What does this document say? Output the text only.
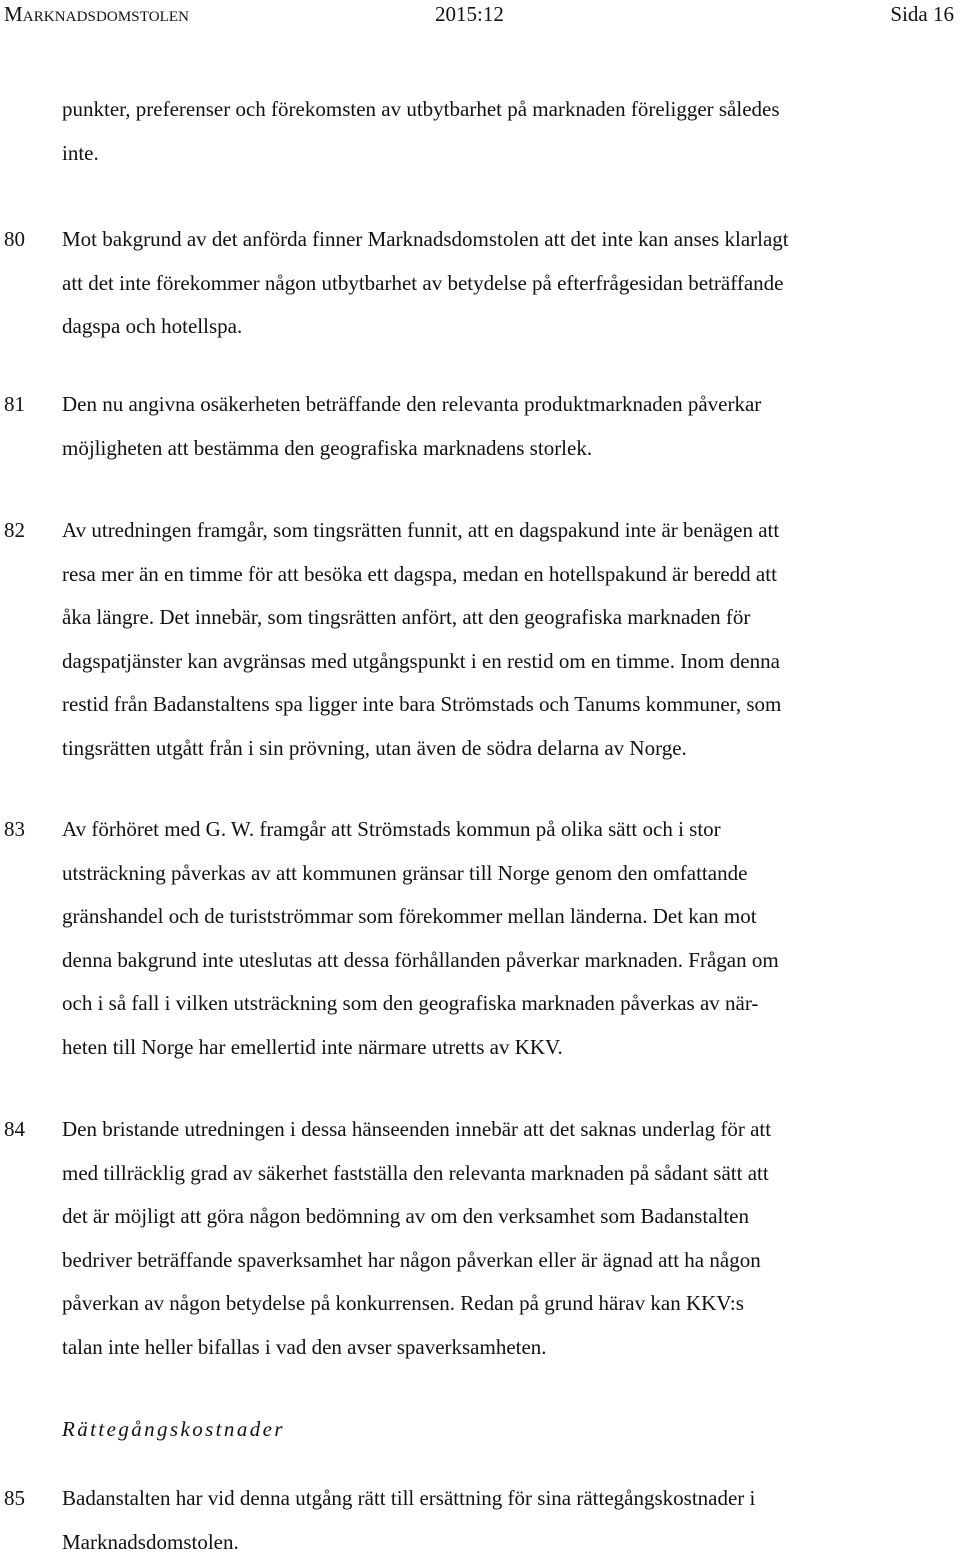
Marknadsdomstolen	2015:12	Sida 16
punkter, preferenser och förekomsten av utbytbarhet på marknaden föreligger således
inte.
80	Mot bakgrund av det anförda finner Marknadsdomstolen att det inte kan anses klarlagt
att det inte förekommer någon utbytbarhet av betydelse på efterfrågesidan beträffande
dagspa och hotellspa.
81	Den nu angivna osäkerheten beträffande den relevanta produktmarknaden påverkar
möjligheten att bestämma den geografiska marknadens storlek.
82	Av utredningen framgår, som tingsrätten funnit, att en dagspakund inte är benägen att
resa mer än en timme för att besöka ett dagspa, medan en hotellspakund är beredd att
åka längre. Det innebär, som tingsrätten anfört, att den geografiska marknaden för
dagspatjänster kan avgränsas med utgångspunkt i en restid om en timme. Inom denna
restid från Badanstaltens spa ligger inte bara Strömstads och Tanums kommuner, som
tingsrätten utgått från i sin prövning, utan även de södra delarna av Norge.
83	Av förhöret med G. W. framgår att Strömstads kommun på olika sätt och i stor
utsträckning påverkas av att kommunen gränsar till Norge genom den omfattande
gränshandel och de turistströmmar som förekommer mellan länderna. Det kan mot
denna bakgrund inte uteslutas att dessa förhållanden påverkar marknaden. Frågan om
och i så fall i vilken utsträckning som den geografiska marknaden påverkas av när-
heten till Norge har emellertid inte närmare utretts av KKV.
84	Den bristande utredningen i dessa hänseenden innebär att det saknas underlag för att
med tillräcklig grad av säkerhet fastställa den relevanta marknaden på sådant sätt att
det är möjligt att göra någon bedömning av om den verksamhet som Badanstalten
bedriver beträffande spaverksamhet har någon påverkan eller är ägnad att ha någon
påverkan av någon betydelse på konkurrensen. Redan på grund härav kan KKV:s
talan inte heller bifallas i vad den avser spaverksamheten.
Rättegångskostnader
85	Badanstalten har vid denna utgång rätt till ersättning för sina rättegångskostnader i
Marknadsdomstolen.
